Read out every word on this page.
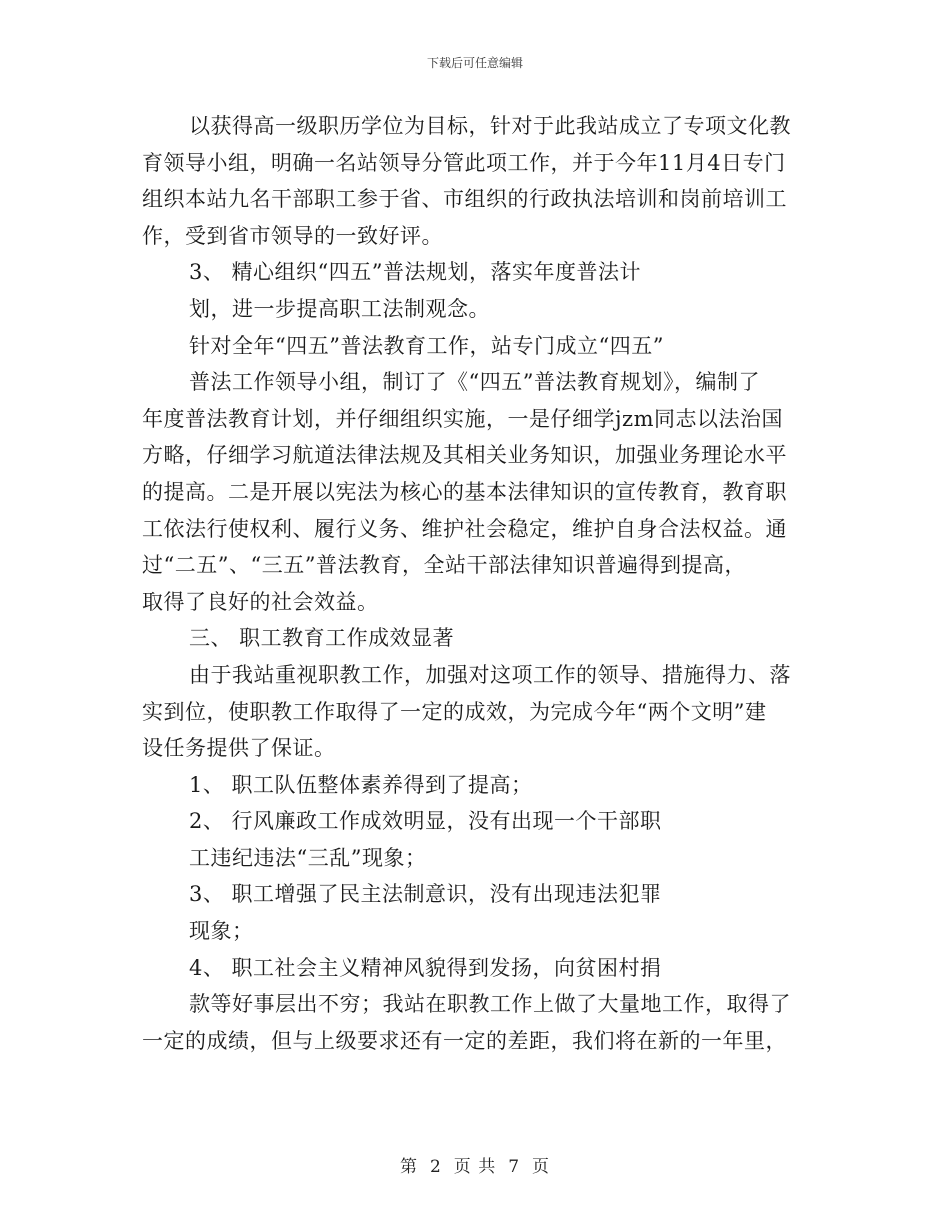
下载后可任意编辑
以获得高一级职历学位为目标，针对于此我站成立了专项文化教
育领导小组，明确一名站领导分管此项工作，并于今年11月4日专门
组织本站九名干部职工参于省、市组织的行政执法培训和岗前培训工
作，受到省市领导的一致好评。
3、 精心组织“四五”普法规划，落实年度普法计
划，进一步提高职工法制观念。
针对全年“四五”普法教育工作，站专门成立“四五”
普法工作领导小组，制订了《“四五”普法教育规划》，编制了
年度普法教育计划，并仔细组织实施，一是仔细学jzm同志以法治国
方略，仔细学习航道法律法规及其相关业务知识，加强业务理论水平
的提高。二是开展以宪法为核心的基本法律知识的宣传教育，教育职
工依法行使权利、履行义务、维护社会稳定，维护自身合法权益。通
过“二五”、“三五”普法教育，全站干部法律知识普遍得到提高，
取得了良好的社会效益。
三、 职工教育工作成效显著
由于我站重视职教工作，加强对这项工作的领导、措施得力、落
实到位，使职教工作取得了一定的成效，为完成今年“两个文明”建
设任务提供了保证。
1、 职工队伍整体素养得到了提高；
2、 行风廉政工作成效明显，没有出现一个干部职
工违纪违法“三乱”现象；
3、 职工增强了民主法制意识，没有出现违法犯罪
现象；
4、 职工社会主义精神风貌得到发扬，向贫困村捐
款等好事层出不穷；我站在职教工作上做了大量地工作，取得了
一定的成绩，但与上级要求还有一定的差距，我们将在新的一年里，
第 2 页 共 7 页
